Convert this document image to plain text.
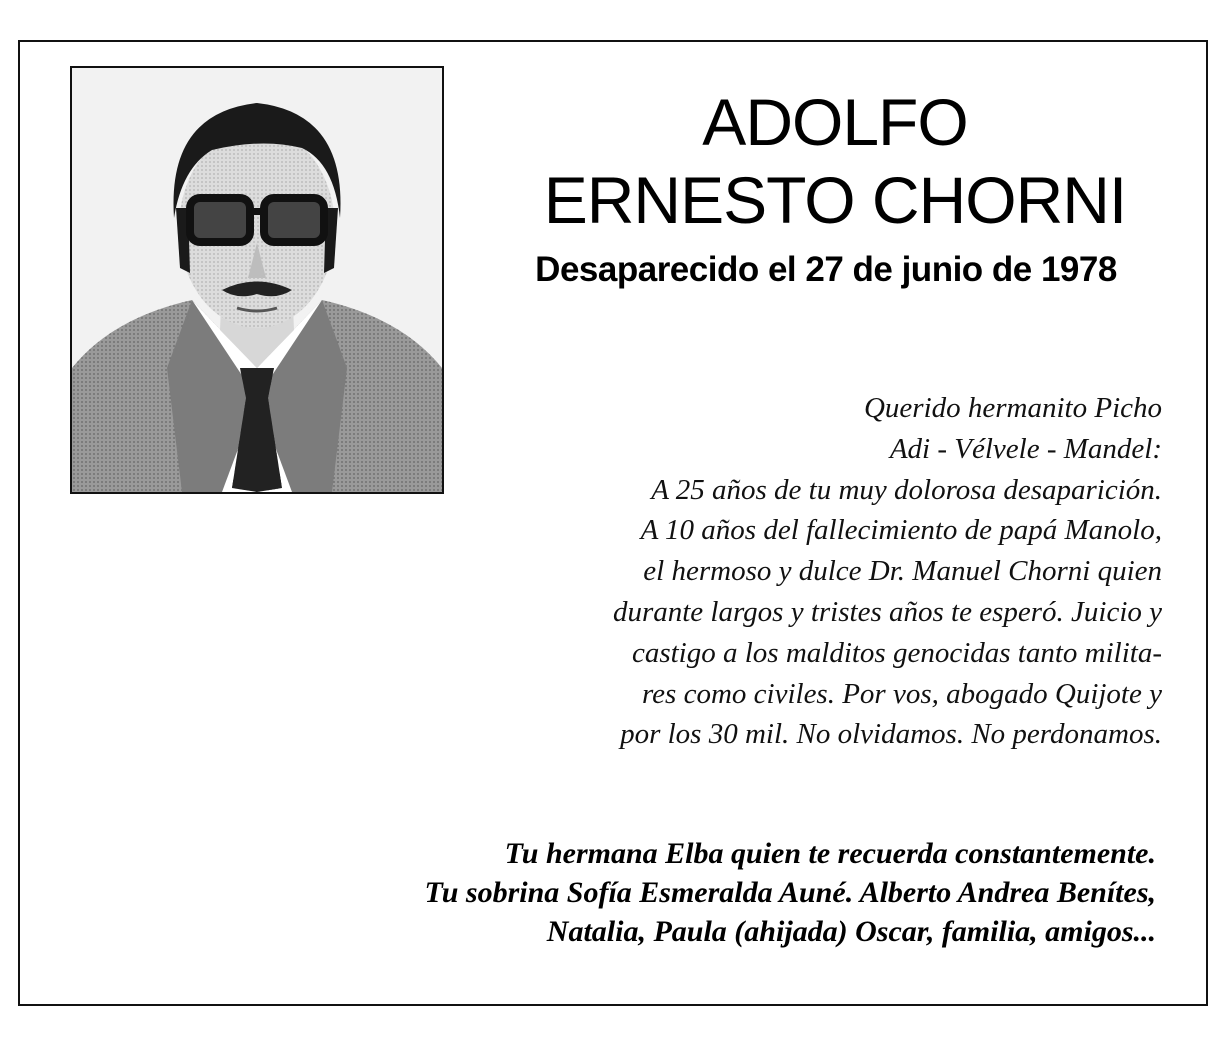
ADOLFO
ERNESTO CHORNI
Desaparecido el 27 de junio de 1978
Querido hermanito Picho
Adi - Vélvele - Mandel:
A 25 años de tu muy dolorosa desaparición.
A 10 años del fallecimiento de papá Manolo,
el hermoso y dulce Dr. Manuel Chorni quien
durante largos y tristes años te esperó. Juicio y
castigo a los malditos genocidas tanto milita-
res como civiles. Por vos, abogado Quijote y
por los 30 mil. No olvidamos. No perdonamos.
Tu hermana Elba quien te recuerda constantemente.
Tu sobrina Sofía Esmeralda Auné. Alberto Andrea Benítes,
Natalia, Paula (ahijada) Oscar, familia, amigos...
